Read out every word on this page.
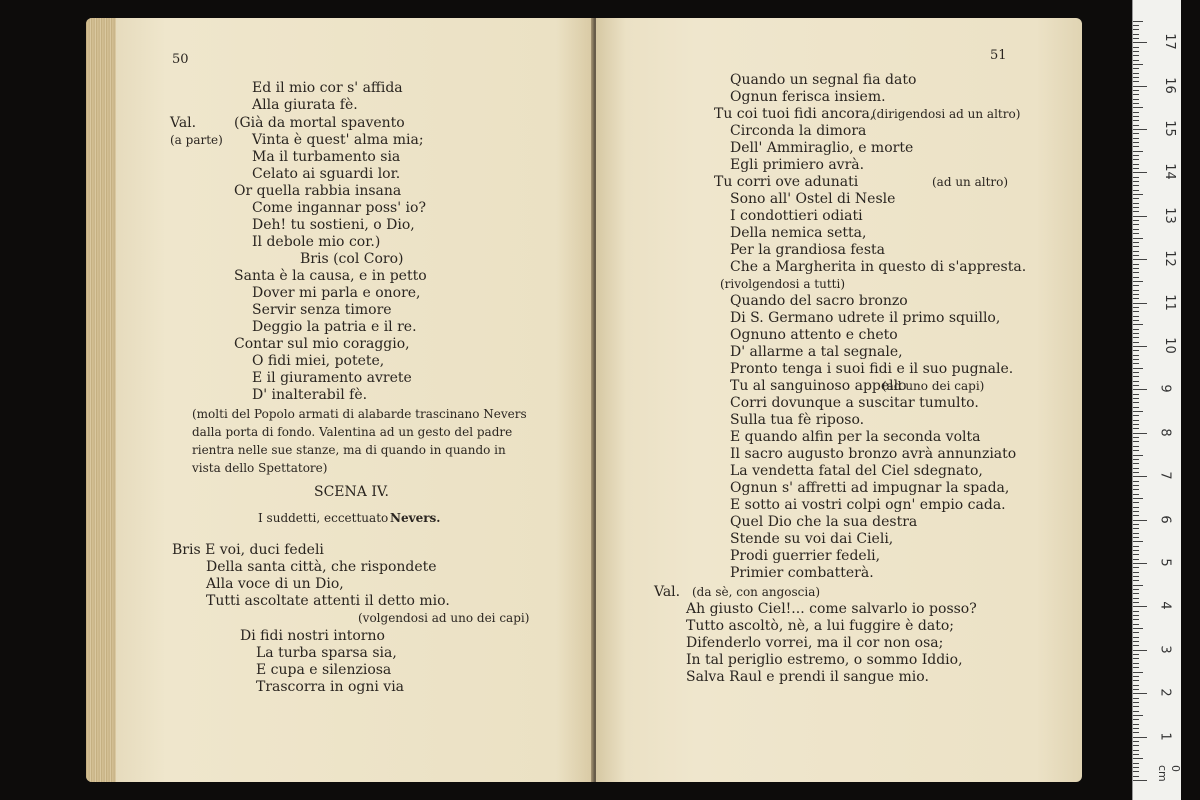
50
Ed il mio cor s' affida
Alla giurata fè.
Val.	(Già da mortal spavento
(a parte) Vinta è quest' alma mia;
Ma il turbamento sia
Celato ai sguardi lor.
Or quella rabbia insana
Come ingannar poss' io?
Deh! tu sostieni, o Dio,
Il debole mio cor.)
Bris (col Coro)
Santa è la causa, e in petto
Dover mi parla e onore,
Servir senza timore
Deggio la patria e il re.
Contar sul mio coraggio,
O fidi miei, potete,
E il giuramento avrete
D' inalterabil fè.
(molti del Popolo armati di alabarde trascinano Nevers
dalla porta di fondo. Valentina ad un gesto del padre
rientra nelle sue stanze, ma di quando in quando in
vista dello Spettatore)
SCENA IV.
I suddetti, eccettuato Nevers.
Bris E voi, duci fedeli
Della santa città, che rispondete
Alla voce di un Dio,
Tutti ascoltate attenti il detto mio.
(volgendosi ad uno dei capi)
Di fidi nostri intorno
La turba sparsa sia,
E cupa e silenziosa
Trascorra in ogni via
51
Quando un segnal fia dato
Ognun ferisca insiem.
Tu coi tuoi fidi ancora,
(dirigendosi ad un altro)
Circonda la dimora
Dell' Ammiraglio, e morte
Egli primiero avrà.
Tu corri ove adunati	(ad un altro)
Sono all' Ostel di Nesle
I condottieri odiati
Della nemica setta,
Per la grandiosa festa
Che a Margherita in questo di s'appresta.
(rivolgendosi a tutti)
Quando del sacro bronzo
Di S. Germano udrete il primo squillo,
Ognuno attento e cheto
D' allarme a tal segnale,
Pronto tenga i suoi fidi e il suo pugnale.
Tu al sanguinoso appello
(ad uno dei capi)
Corri dovunque a suscitar tumulto.
Sulla tua fè riposo.
E quando alfin per la seconda volta
Il sacro augusto bronzo avrà annunziato
La vendetta fatal del Ciel sdegnato,
Ognun s' affretti ad impugnar la spada,
E sotto ai vostri colpi ogn' empio cada.
Quel Dio che la sua destra
Stende su voi dai Cieli,
Prodi guerrier fedeli,
Primier combatterà.
Val. (da sè, con angoscia)
Ah giusto Ciel!... come salvarlo io posso?
Tutto ascoltò, nè, a lui fuggire è dato;
Difenderlo vorrei, ma il cor non osa;
In tal periglio estremo, o sommo Iddio,
Salva Raul e prendi il sangue mio.
0 cm
1
2
3
4
5
6
7
8
9
10
11
12
13
14
15
16
17
